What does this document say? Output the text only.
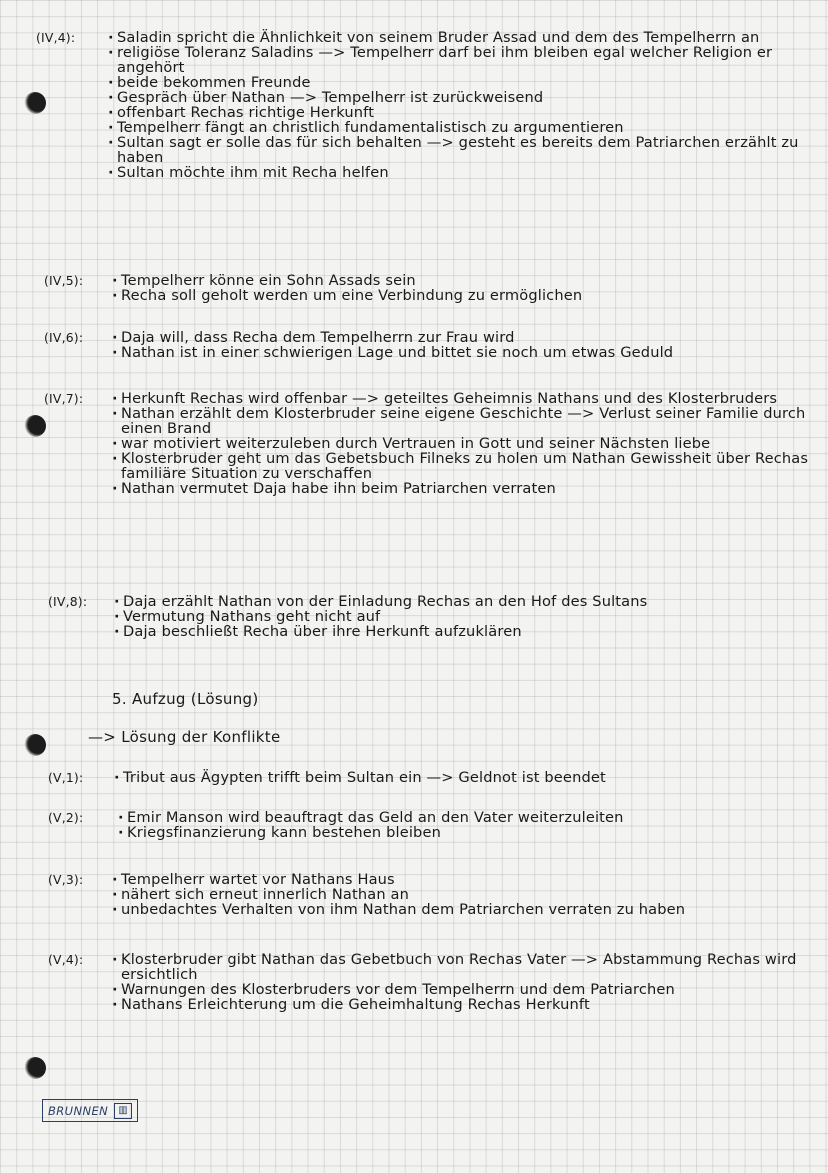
(IV,4):	· Saladin spricht die Ähnlichkeit von seinem Bruder Assad und dem des Tempelherrn an
· religiöse Toleranz Saladins —> Tempelherr darf bei ihm bleiben egal welcher Religion er angehört
· beide bekommen Freunde
· Gespräch über Nathan —> Tempelherr ist zurückweisend
· offenbart Rechas richtige Herkunft
· Tempelherr fängt an christlich fundamentalistisch zu argumentieren
· Sultan sagt er solle das für sich behalten —> gesteht es bereits dem Patriarchen erzählt zu haben
· Sultan möchte ihm mit Recha helfen
(IV,5):	· Tempelherr könne ein Sohn Assads sein
· Recha soll geholt werden um eine Verbindung zu ermöglichen
(IV,6):	· Daja will, dass Recha dem Tempelherrn zur Frau wird
· Nathan ist in einer schwierigen Lage und bittet sie noch um etwas Geduld
(IV,7):	· Herkunft Rechas wird offenbar —> geteiltes Geheimnis Nathans und des Klosterbruders
· Nathan erzählt dem Klosterbruder seine eigene Geschichte —> Verlust seiner Familie durch einen Brand
· war motiviert weiterzuleben durch Vertrauen in Gott und seiner Nächsten liebe
· Klosterbruder geht um das Gebetsbuch Filneks zu holen um Nathan Gewissheit über Rechas familiäre Situation zu verschaffen
· Nathan vermutet Daja habe ihn beim Patriarchen verraten
(IV,8):	· Daja erzählt Nathan von der Einladung Rechas an den Hof des Sultans
· Vermutung Nathans geht nicht auf
· Daja beschließt Recha über ihre Herkunft aufzuklären
5. Aufzug (Lösung)
—> Lösung der Konflikte
(V,1):	· Tribut aus Ägypten trifft beim Sultan ein —> Geldnot ist beendet
(V,2):	· Emir Manson wird beauftragt das Geld an den Vater weiterzuleiten
· Kriegsfinanzierung kann bestehen bleiben
(V,3):	· Tempelherr wartet vor Nathans Haus
· nähert sich erneut innerlich Nathan an
· unbedachtes Verhalten von ihm Nathan dem Patriarchen verraten zu haben
(V,4):	· Klosterbruder gibt Nathan das Gebetbuch von Rechas Vater —> Abstammung Rechas wird ersichtlich
· Warnungen des Klosterbruders vor dem Tempelherrn und dem Patriarchen
· Nathans Erleichterung um die Geheimhaltung Rechas Herkunft
BRUNNEN	▥
